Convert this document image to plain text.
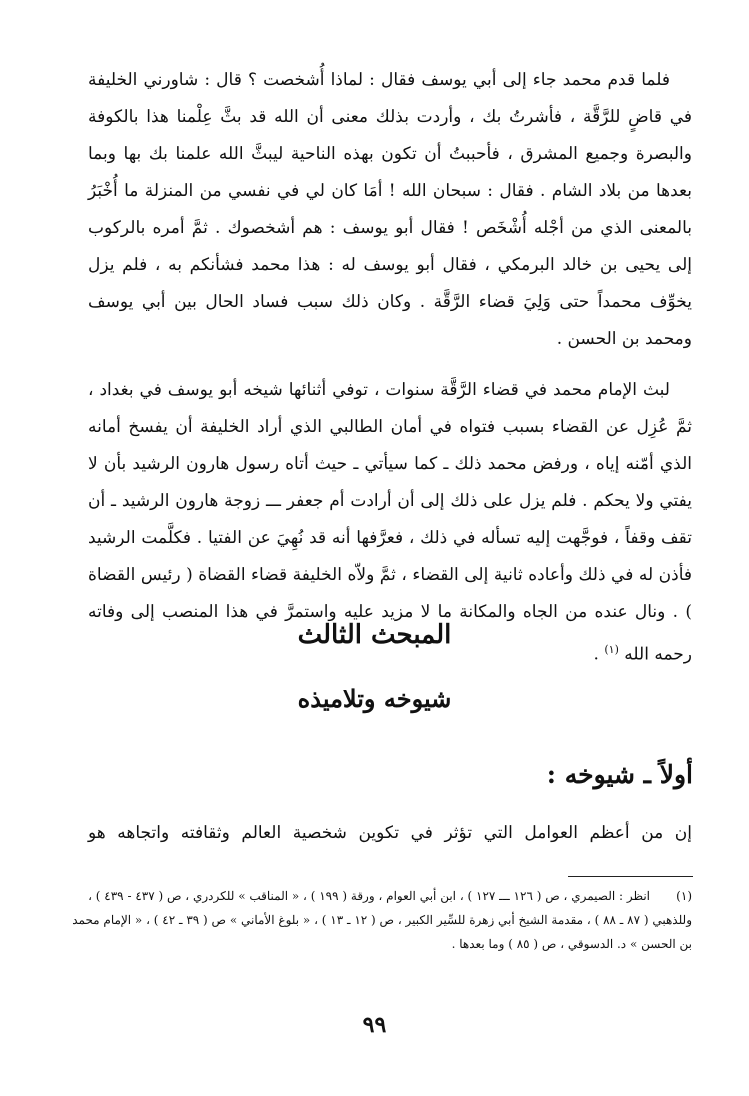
فلما قدم محمد جاء إلى أبي يوسف فقال : لماذا أُشخصت ؟ قال : شاورني الخليفة في قاضٍ للرَّقَّة ، فأشرتُ بك ، وأردت بذلك معنى أن الله قد بثَّ عِلْمنا هذا بالكوفة والبصرة وجميع المشرق ، فأحببتُ أن تكون بهذه الناحية ليبثَّ الله علمنا بك بها وبما بعدها من بلاد الشام . فقال : سبحان الله ! أمَا كان لي في نفسي من المنزلة ما أُخْبَرُ بالمعنى الذي من أجْله أُشْخَص ! فقال أبو يوسف : هم أشخصوك . ثمَّ أمره بالركوب إلى يحيى بن خالد البرمكي ، فقال أبو يوسف له : هذا محمد فشأنكم به ، فلم يزل يخوِّف محمداً حتى وَلِيَ قضاء الرَّقَّة . وكان ذلك سبب فساد الحال بين أبي يوسف ومحمد بن الحسن .

لبث الإمام محمد في قضاء الرَّقَّة سنوات ، توفي أثنائها شيخه أبو يوسف في بغداد ، ثمَّ عُزِل عن القضاء بسبب فتواه في أمان الطالبي الذي أراد الخليفة أن يفسخ أمانه الذي أمّنه إياه ، ورفض محمد ذلك ـ كما سيأتي ـ حيث أتاه رسول هارون الرشيد بأن لا يفتي ولا يحكم . فلم يزل على ذلك إلى أن أرادت أم جعفر ـــ زوجة هارون الرشيد ـ أن تقف وقفاً ، فوجَّهت إليه تسأله في ذلك ، فعرَّفها أنه قد نُهِيَ عن الفتيا . فكلَّمت الرشيد فأذن له في ذلك وأعاده ثانية إلى القضاء ، ثمَّ ولاّه الخليفة قضاء القضاة ( رئيس القضاة ) . ونال عنده من الجاه والمكانة ما لا مزيد عليه واستمرَّ في هذا المنصب إلى وفاته رحمه الله $^{(١)}$ .

المبحث الثالث
شيوخه وتلاميذه
أولاً ـ شيوخه :

إن من أعظم العوامل التي تؤثر في تكوين شخصية العالم وثقافته واتجاهه هو

(١)انظر : الصيمري ، ص ( ١٢٦ ـــ ١٢٧ ) ، ابن أبي العوام ، ورقة ( ١٩٩ ) ، « المناقب » للكردري ، ص ( ٤٣٧ - ٤٣٩ ) ، وللذهبي ( ٨٧ ـ ٨٨ ) ، مقدمة الشيخ أبي زهرة للسِّير الكبير ، ص ( ١٢ ـ ١٣ ) ، « بلوغ الأماني » ص ( ٣٩ ـ ٤٢ ) ، « الإمام محمد بن الحسن » د. الدسوقي ، ص ( ٨٥ ) وما بعدها .

٩٩
